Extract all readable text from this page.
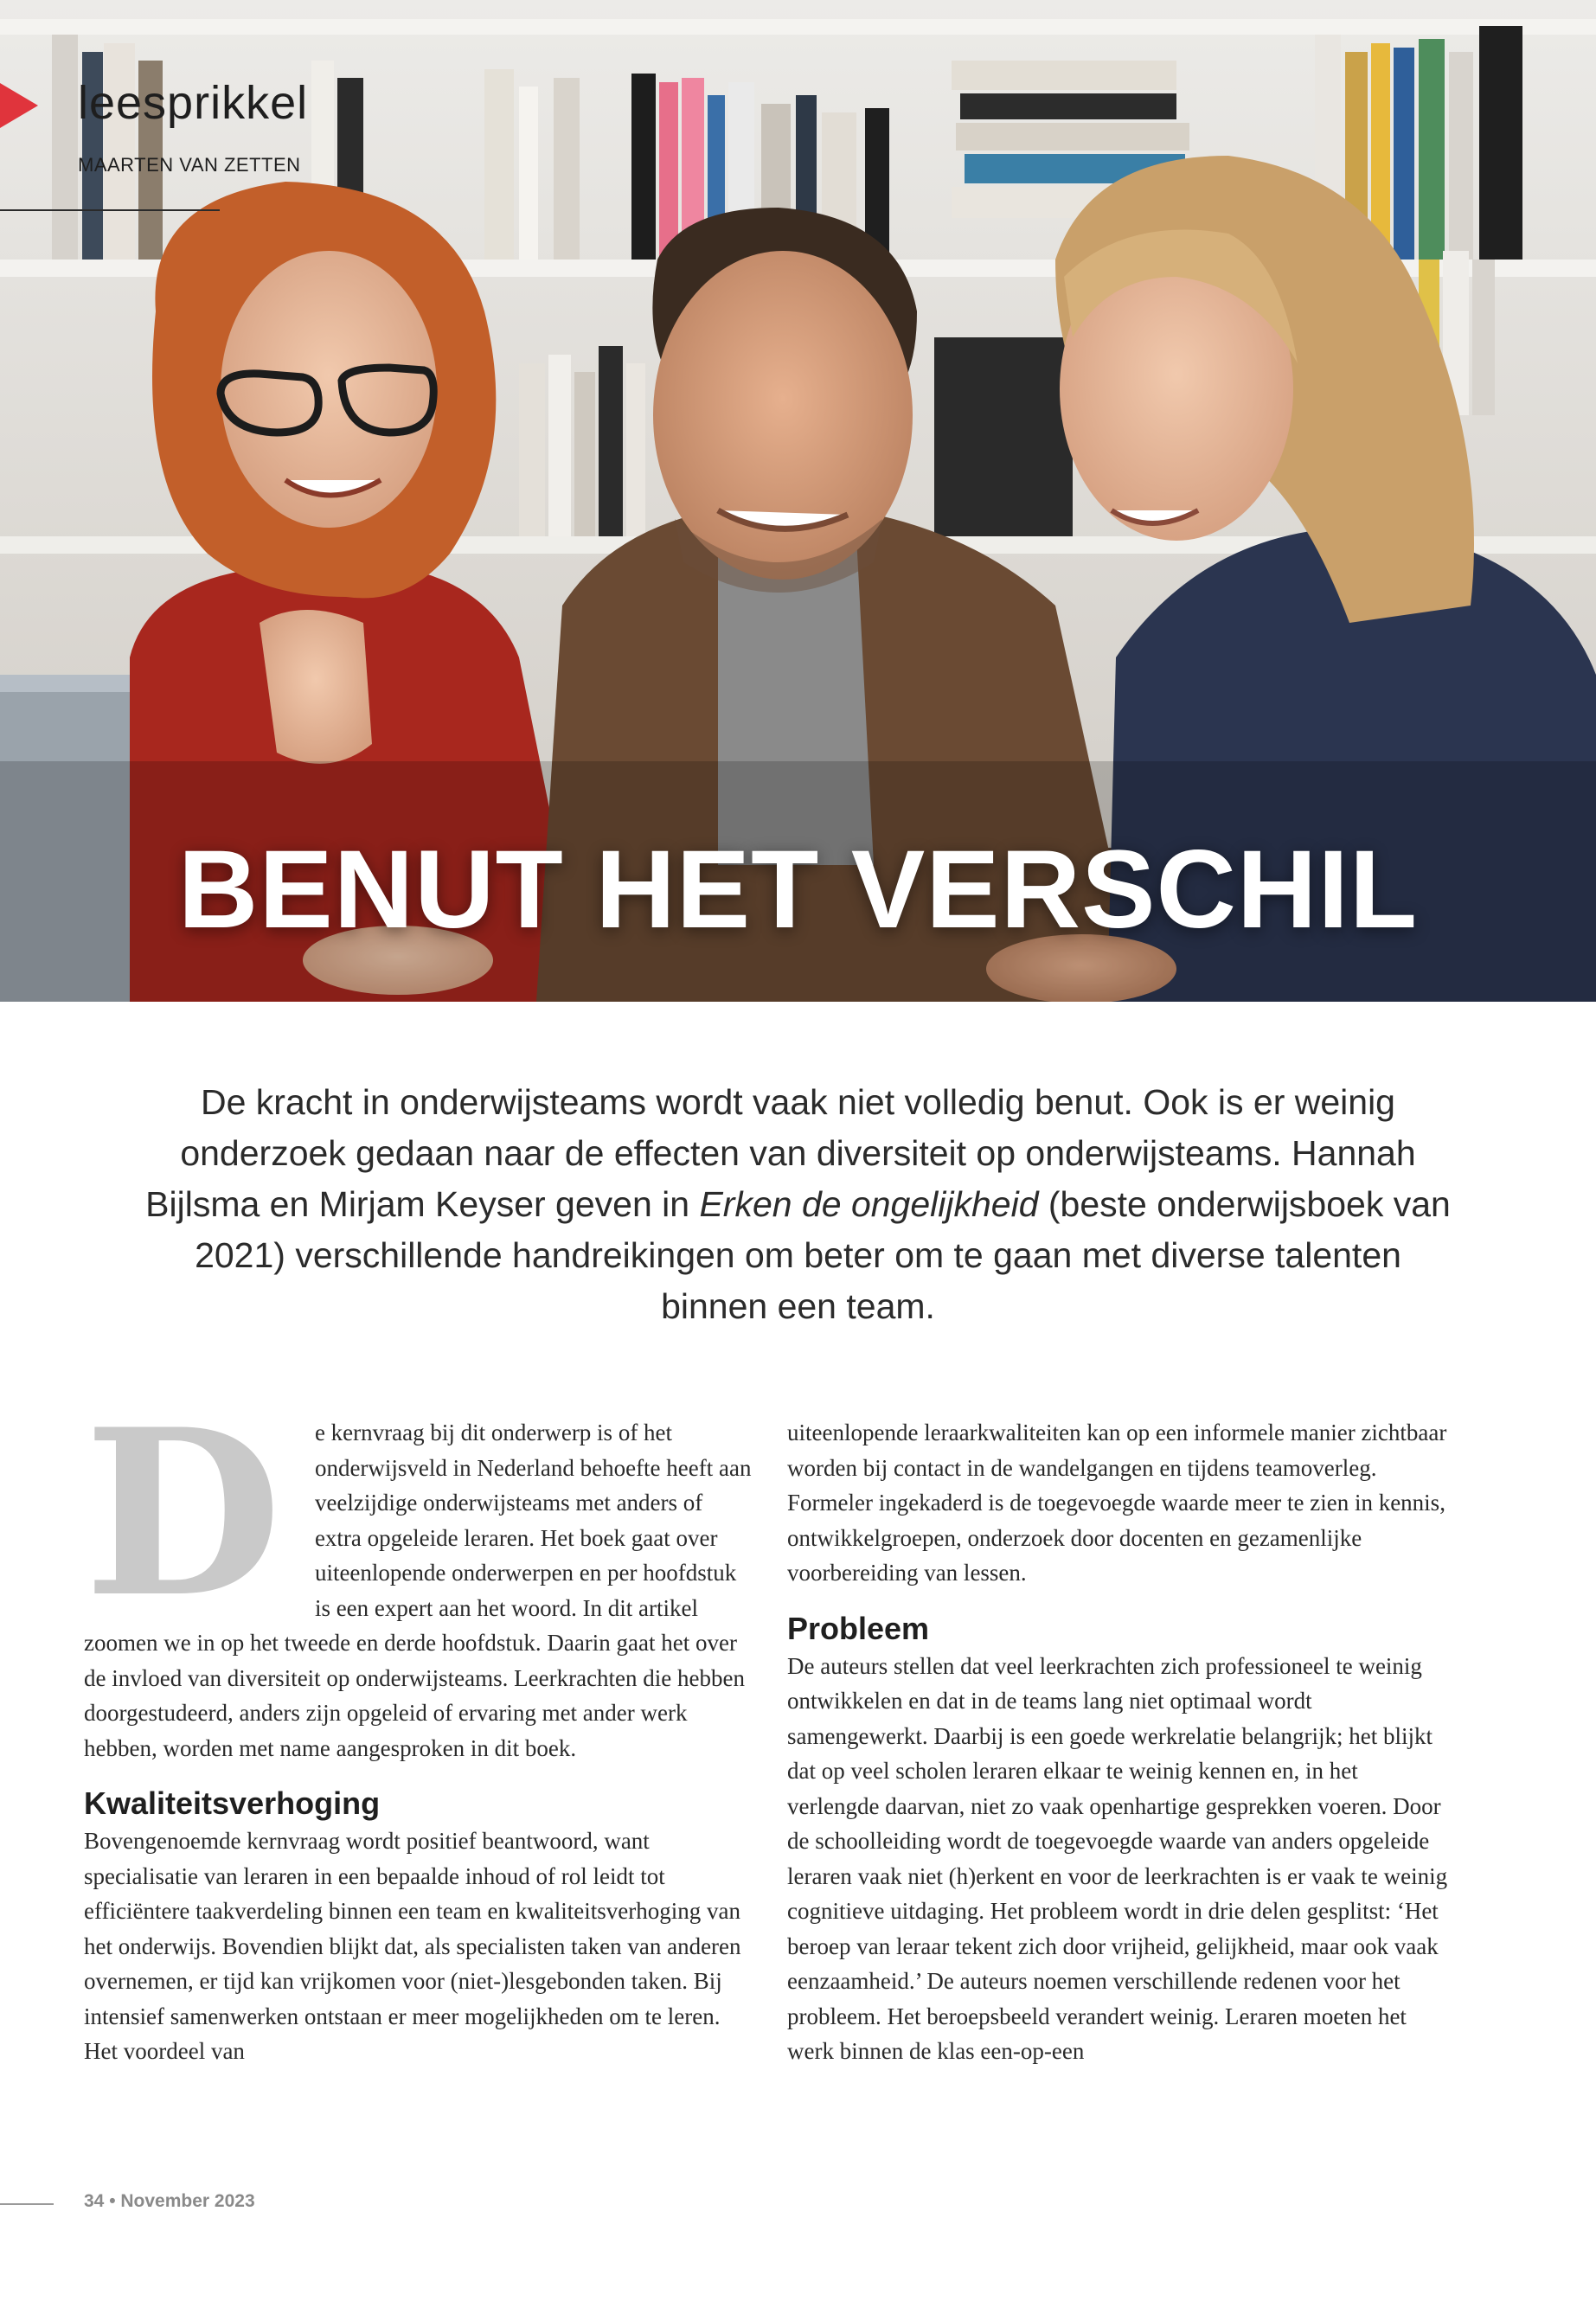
leesprikkel
MAARTEN VAN ZETTEN
BENUT HET VERSCHIL

De kracht in onderwijsteams wordt vaak niet volledig benut. Ook is er weinig onderzoek gedaan naar de effecten van diversiteit op onderwijsteams. Hannah Bijlsma en Mirjam Keyser geven in Erken de ongelijkheid (beste onderwijsboek van 2021) verschillende handreikingen om beter om te gaan met diverse talenten binnen een team.

D	e kernvraag bij dit onderwerp is of het onderwijsveld in Nederland behoefte heeft aan veelzijdige onderwijsteams met anders of extra opgeleide leraren. Het boek gaat over uiteenlopende onderwerpen en per hoofdstuk is een expert aan het woord. In dit artikel zoomen we in op het tweede en derde hoofdstuk. Daarin gaat het over de invloed van diversiteit op onderwijsteams. Leerkrachten die hebben doorgestudeerd, anders zijn opgeleid of ervaring met ander werk hebben, worden met name aangesproken in dit boek.

Kwaliteitsverhoging

Bovengenoemde kernvraag wordt positief beantwoord, want specialisatie van leraren in een bepaalde inhoud of rol leidt tot efficiëntere taakverdeling binnen een team en kwaliteitsverhoging van het onderwijs. Bovendien blijkt dat, als specialisten taken van anderen overnemen, er tijd kan vrijkomen voor (niet-)lesgebonden taken. Bij intensief samenwerken ontstaan er meer mogelijkheden om te leren. Het voordeel van

uiteenlopende leraarkwaliteiten kan op een informele manier zichtbaar worden bij contact in de wandelgangen en tijdens teamoverleg. Formeler ingekaderd is de toegevoegde waarde meer te zien in kennis, ontwikkelgroepen, onderzoek door docenten en gezamenlijke voorbereiding van lessen.

Probleem

De auteurs stellen dat veel leerkrachten zich professioneel te weinig ontwikkelen en dat in de teams lang niet optimaal wordt samengewerkt. Daarbij is een goede werkrelatie belangrijk; het blijkt dat op veel scholen leraren elkaar te weinig kennen en, in het verlengde daarvan, niet zo vaak openhartige gesprekken voeren. Door de schoolleiding wordt de toegevoegde waarde van anders opgeleide leraren vaak niet (h)erkent en voor de leerkrachten is er vaak te weinig cognitieve uitdaging. Het probleem wordt in drie delen gesplitst: ‘Het beroep van leraar tekent zich door vrijheid, gelijkheid, maar ook vaak eenzaamheid.’ De auteurs noemen verschillende redenen voor het probleem. Het beroepsbeeld verandert weinig. Leraren moeten het werk binnen de klas een-op-een

34 • November 2023
